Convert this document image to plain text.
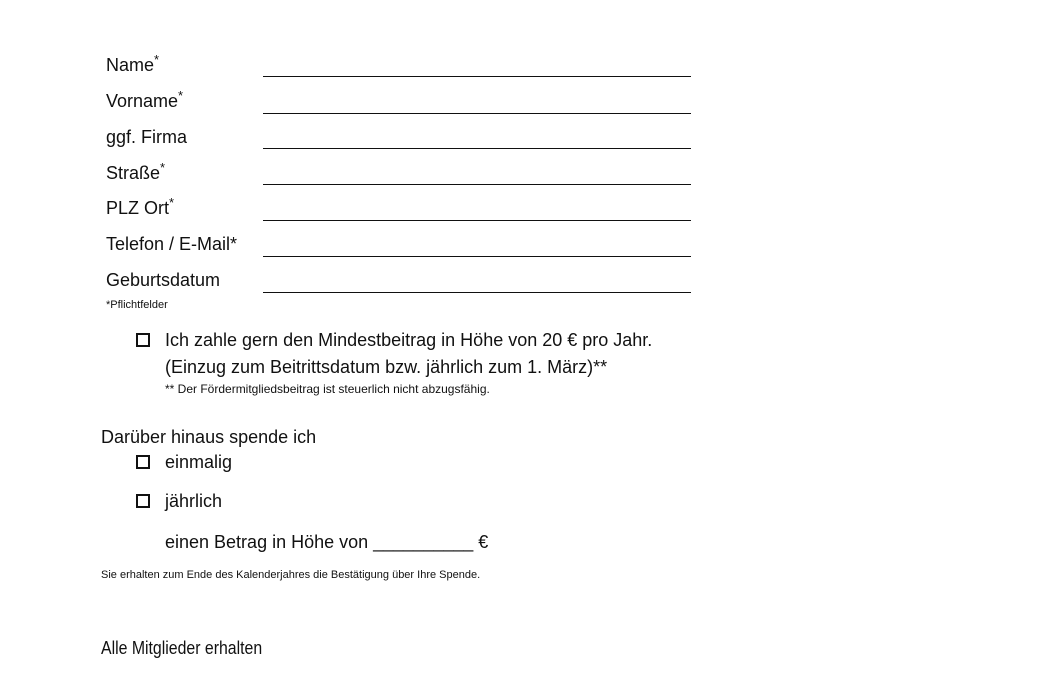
Name*
Vorname*
ggf. Firma
Straße*
PLZ Ort*
Telefon / E-Mail*
Geburtsdatum
*Pflichtfelder
Ich zahle gern den Mindestbeitrag in Höhe von 20 € pro Jahr.
(Einzug zum Beitrittsdatum bzw. jährlich zum 1. März)**
** Der Fördermitgliedsbeitrag ist steuerlich nicht abzugsfähig.
Darüber hinaus spende ich
einmalig
jährlich
einen Betrag in Höhe von __________ €
Sie erhalten zum Ende des Kalenderjahres die Bestätigung über Ihre Spende.
Alle Mitglieder erhalten
